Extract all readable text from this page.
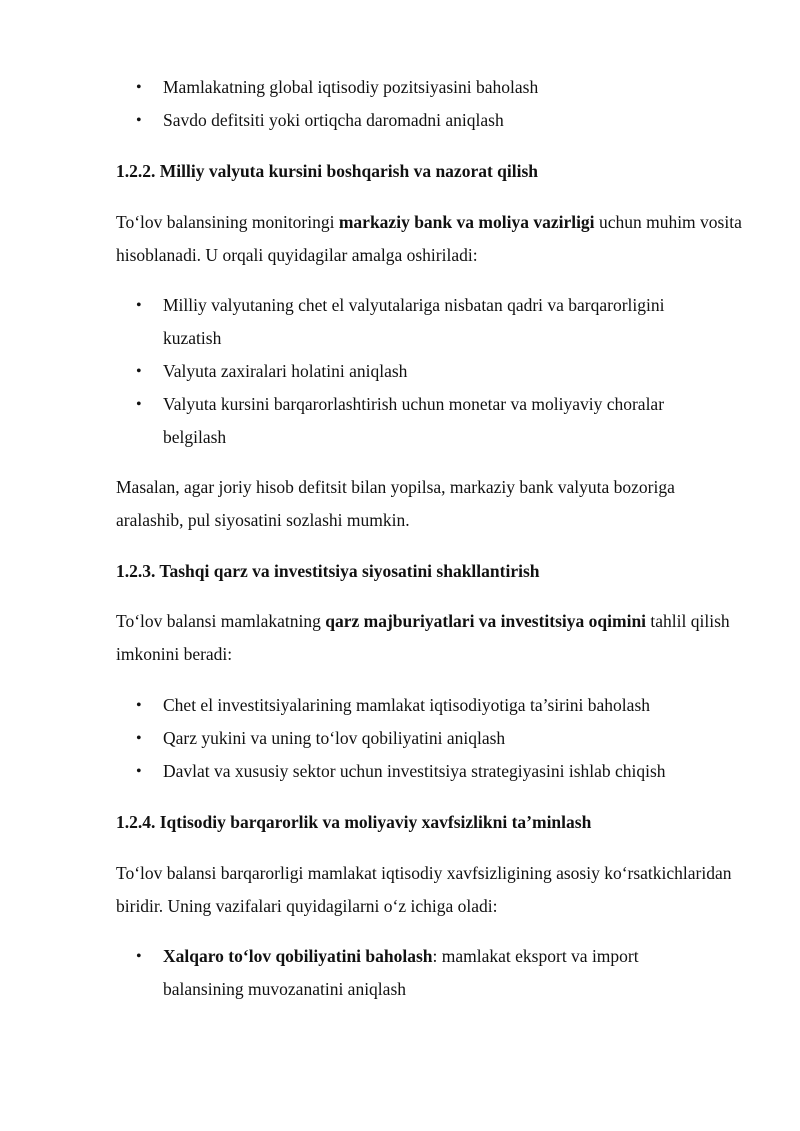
• Mamlakatning global iqtisodiy pozitsiyasini baholash
• Savdo defitsiti yoki ortiqcha daromadni aniqlash
1.2.2. Milliy valyuta kursini boshqarish va nazorat qilish
To‘lov balansining monitoringi markaziy bank va moliya vazirligi uchun muhim vosita hisoblanadi. U orqali quyidagilar amalga oshiriladi:
• Milliy valyutaning chet el valyutalariga nisbatan qadri va barqarorligini kuzatish
• Valyuta zaxiralari holatini aniqlash
• Valyuta kursini barqarorlashtirish uchun monetar va moliyaviy choralar belgilash
Masalan, agar joriy hisob defitsit bilan yopilsa, markaziy bank valyuta bozoriga aralashib, pul siyosatini sozlashi mumkin.
1.2.3. Tashqi qarz va investitsiya siyosatini shakllantirish
To‘lov balansi mamlakatning qarz majburiyatlari va investitsiya oqimini tahlil qilish imkonini beradi:
• Chet el investitsiyalarining mamlakat iqtisodiyotiga ta’sirini baholash
• Qarz yukini va uning to‘lov qobiliyatini aniqlash
• Davlat va xususiy sektor uchun investitsiya strategiyasini ishlab chiqish
1.2.4. Iqtisodiy barqarorlik va moliyaviy xavfsizlikni ta’minlash
To‘lov balansi barqarorligi mamlakat iqtisodiy xavfsizligining asosiy ko‘rsatkichlaridan biridir. Uning vazifalari quyidagilarni o‘z ichiga oladi:
• Xalqaro to‘lov qobiliyatini baholash: mamlakat eksport va import balansining muvozanatini aniqlash
